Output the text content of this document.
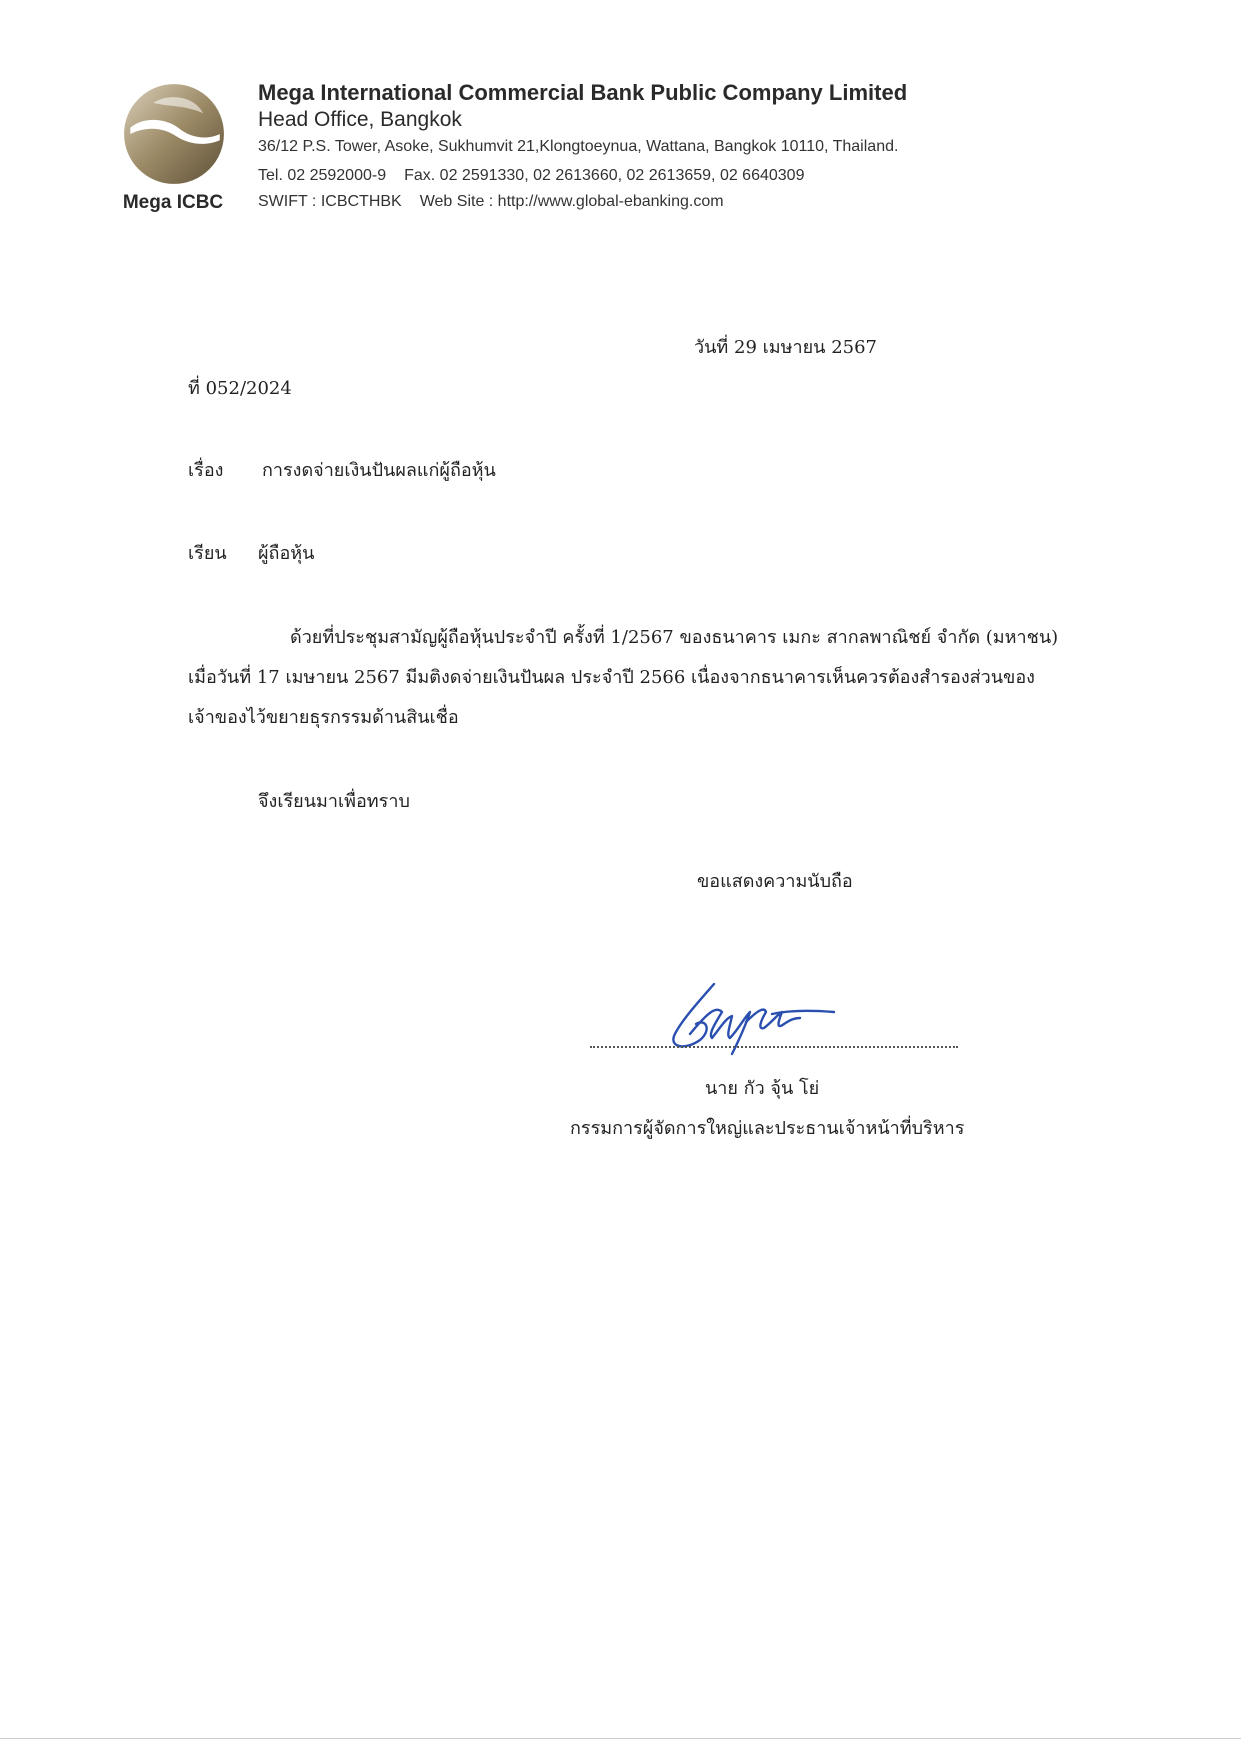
Mega ICBC
Mega International Commercial Bank Public Company Limited
Head Office, Bangkok
36/12 P.S. Tower, Asoke, Sukhumvit 21,Klongtoeynua, Wattana, Bangkok 10110, Thailand.
Tel. 02 2592000-9 Fax. 02 2591330, 02 2613660, 02 2613659, 02 6640309
SWIFT : ICBCTHBK Web Site : http://www.global-ebanking.com
วันที่ 29 เมษายน 2567
ที่ 052/2024
เรื่อง การงดจ่ายเงินปันผลแก่ผู้ถือหุ้น
เรียน ผู้ถือหุ้น
ด้วยที่ประชุมสามัญผู้ถือหุ้นประจำปี ครั้งที่ 1/2567 ของธนาคาร เมกะ สากลพาณิชย์ จำกัด (มหาชน)
เมื่อวันที่ 17 เมษายน 2567 มีมติงดจ่ายเงินปันผล ประจำปี 2566 เนื่องจากธนาคารเห็นควรต้องสำรองส่วนของ
เจ้าของไว้ขยายธุรกรรมด้านสินเชื่อ
จึงเรียนมาเพื่อทราบ
ขอแสดงความนับถือ
นาย กัว จุ้น โย่
กรรมการผู้จัดการใหญ่และประธานเจ้าหน้าที่บริหาร
